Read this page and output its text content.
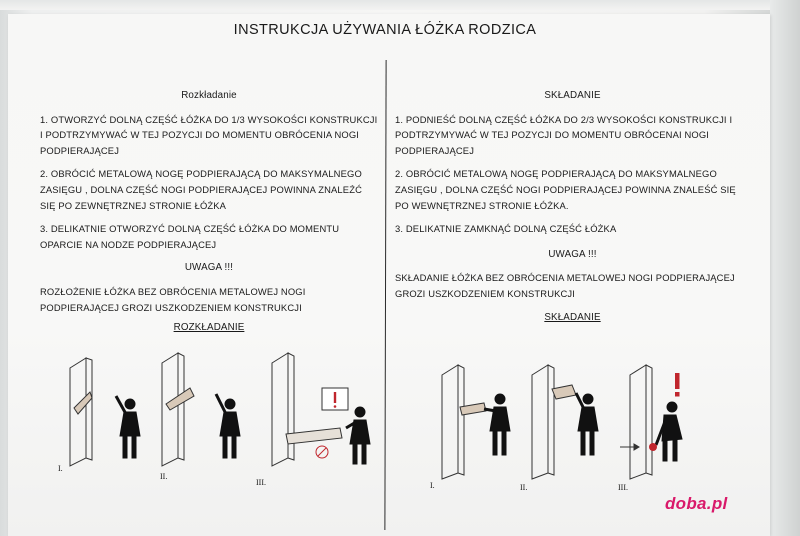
INSTRUKCJA UŻYWANIA ŁÓŻKA RODZICA

Rozkładanie

1. OTWORZYĆ DOLNĄ CZĘŚĆ ŁÓŻKA DO 1/3 WYSOKOŚCI KONSTRUKCJI I PODTRZYMYWAĆ W TEJ POZYCJI DO MOMENTU OBRÓCENIA NOGI PODPIERAJĄCEJ

2. OBRÓCIĆ METALOWĄ NOGĘ PODPIERAJĄCĄ DO MAKSYMALNEGO ZASIĘGU , DOLNA CZĘŚĆ NOGI PODPIERAJĄCEJ POWINNA ZNALEŹĆ SIĘ PO ZEWNĘTRZNEJ STRONIE ŁÓŻKA

3. DELIKATNIE OTWORZYĆ DOLNĄ CZĘŚĆ ŁÓŻKA DO MOMENTU OPARCIE NA NODZE PODPIERAJĄCEJ

UWAGA !!!

ROZŁOŻENIE ŁÓŻKA BEZ OBRÓCENIA METALOWEJ NOGI PODPIERAJĄCEJ GROZI USZKODZENIEM KONSTRUKCJI

ROZKŁADANIE

SKŁADANIE

1. PODNIEŚĆ DOLNĄ CZĘŚĆ ŁÓŻKA DO 2/3 WYSOKOŚCI KONSTRUKCJI I PODTRZYMYWAĆ W TEJ POZYCJI DO MOMENTU OBRÓCENAI NOGI PODPIERAJĄCEJ

2. OBRÓCIĆ METALOWĄ NOGĘ PODPIERAJĄCĄ DO MAKSYMALNEGO ZASIĘGU , DOLNA CZĘŚĆ NOGI PODPIERAJĄCEJ POWINNA ZNALEŚĆ SIĘ PO WEWNĘTRZNEJ STRONIE ŁÓŻKA.

3. DELIKATNIE ZAMKNĄĆ DOLNĄ CZĘŚĆ ŁÓŻKA

UWAGA !!!

SKŁADANIE ŁÓŻKA BEZ OBRÓCENIA METALOWEJ NOGI PODPIERAJĄCEJ GROZI USZKODZENIEM KONSTRUKCJI

SKŁADANIE

I.
II.
III.	I.	II.	III.
doba.pl
